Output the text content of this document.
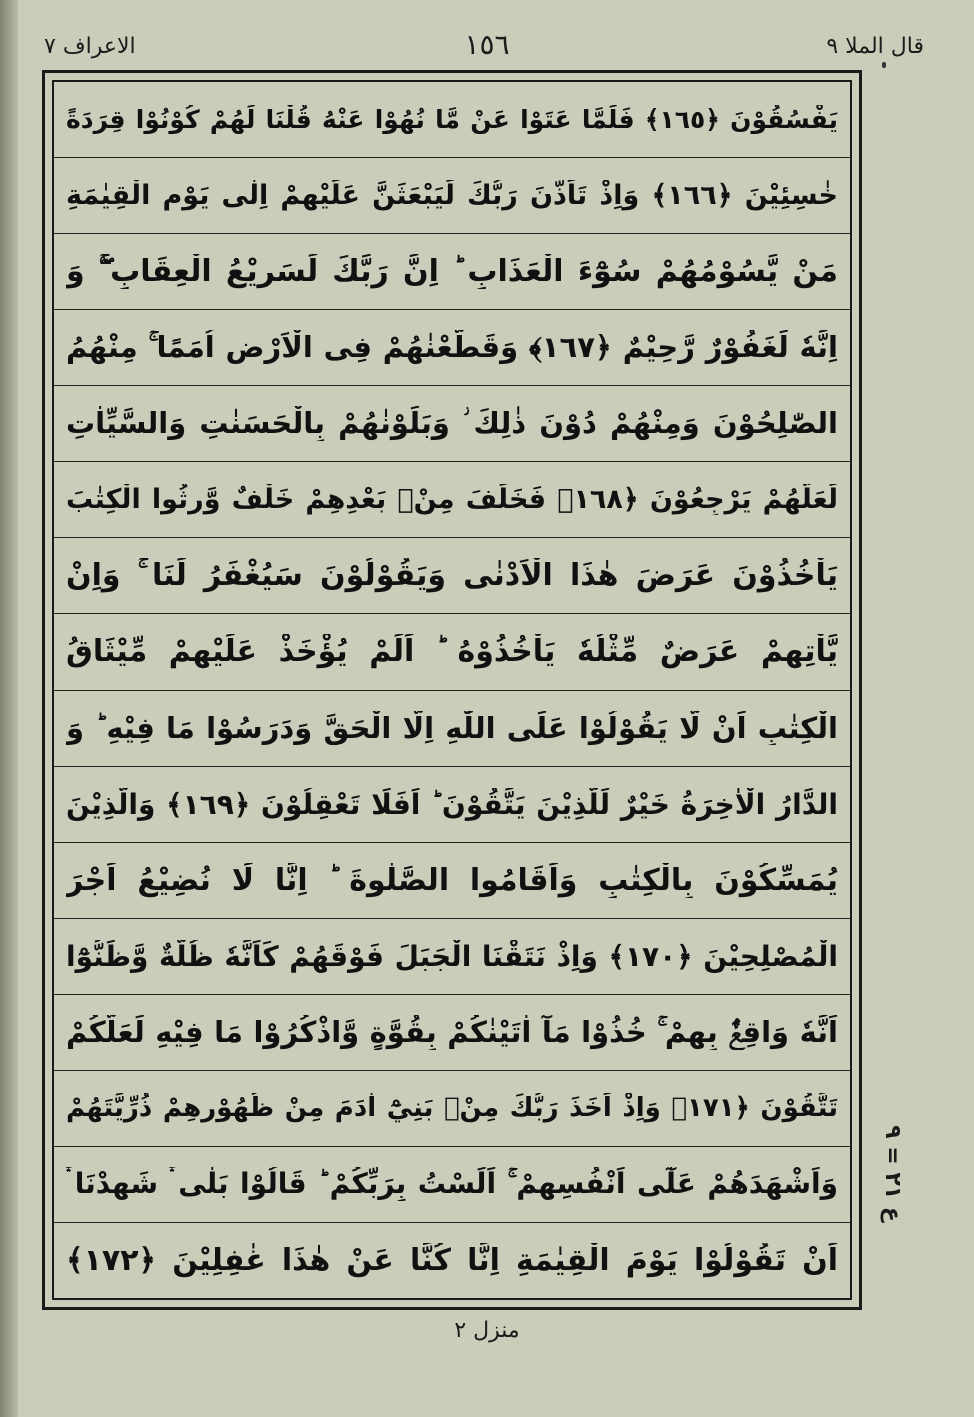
قال الملا ٩
١٥٦
الاعراف ٧
يَفْسُقُوْنَ ﴿١٦٥﴾ فَلَمَّا عَتَوْا عَنْ مَّا نُهُوْا عَنْهُ قُلْنَا لَهُمْ كُوْنُوْا قِرَدَةً
خٰسِئِيْنَ ﴿١٦٦﴾ وَاِذْ تَاَذَّنَ رَبُّكَ لَيَبْعَثَنَّ عَلَيْهِمْ اِلٰى يَوْمِ الْقِيٰمَةِ
مَنْ يَّسُوْمُهُمْ سُوْٓءَ الْعَذَابِ ؕ اِنَّ رَبَّكَ لَسَرِيْعُ الْعِقَابِ ۖۚ وَ
اِنَّهٗ لَغَفُوْرٌ رَّحِيْمٌ ﴿١٦٧﴾ وَقَطَّعْنٰهُمْ فِى الْاَرْضِ اُمَمًا ۚ مِنْهُمُ
الصّٰلِحُوْنَ وَمِنْهُمْ دُوْنَ ذٰلِكَ ؗ وَبَلَوْنٰهُمْ بِالْحَسَنٰتِ وَالسَّيِّاٰتِ
لَعَلَّهُمْ يَرْجِعُوْنَ ﴿١٦٨﴾ فَخَلَفَ مِنْۢ بَعْدِهِمْ خَلْفٌ وَّرِثُوا الْكِتٰبَ
يَاْخُذُوْنَ عَرَضَ هٰذَا الْاَدْنٰى وَيَقُوْلُوْنَ سَيُغْفَرُ لَنَا ۚ وَاِنْ
يَّاْتِهِمْ عَرَضٌ مِّثْلُهٗ يَاْخُذُوْهُ ؕ اَلَمْ يُؤْخَذْ عَلَيْهِمْ مِّيْثَاقُ
الْكِتٰبِ اَنْ لَّا يَقُوْلُوْا عَلَى اللّٰهِ اِلَّا الْحَقَّ وَدَرَسُوْا مَا فِيْهِ ؕ وَ
الدَّارُ الْاٰخِرَةُ خَيْرٌ لِّلَّذِيْنَ يَتَّقُوْنَ ؕ اَفَلَا تَعْقِلُوْنَ ﴿١٦٩﴾ وَالَّذِيْنَ
يُمَسِّكُوْنَ بِالْكِتٰبِ وَاَقَامُوا الصَّلٰوةَ ؕ اِنَّا لَا نُضِيْعُ اَجْرَ
الْمُصْلِحِيْنَ ﴿١٧٠﴾ وَاِذْ نَتَقْنَا الْجَبَلَ فَوْقَهُمْ كَاَنَّهٗ ظُلَّةٌ وَّظَنُّوْٓا
اَنَّهٗ وَاقِعٌۢ بِهِمْ ۚ خُذُوْا مَآ اٰتَيْنٰكُمْ بِقُوَّةٍ وَّاذْكُرُوْا مَا فِيْهِ لَعَلَّكُمْ
تَتَّقُوْنَ ﴿١٧١﴾ وَاِذْ اَخَذَ رَبُّكَ مِنْۢ بَنِيْٓ اٰدَمَ مِنْ ظُهُوْرِهِمْ ذُرِّيَّتَهُمْ
وَاَشْهَدَهُمْ عَلٰٓى اَنْفُسِهِمْ ۚ اَلَسْتُ بِرَبِّكُمْ ؕ قَالُوْا بَلٰى ۛۚ شَهِدْنَا ۛۚ
اَنْ تَقُوْلُوْا يَوْمَ الْقِيٰمَةِ اِنَّا كُنَّا عَنْ هٰذَا غٰفِلِيْنَ ﴿١٧٢﴾
ع ٢١ = ٩
منزل ٢
